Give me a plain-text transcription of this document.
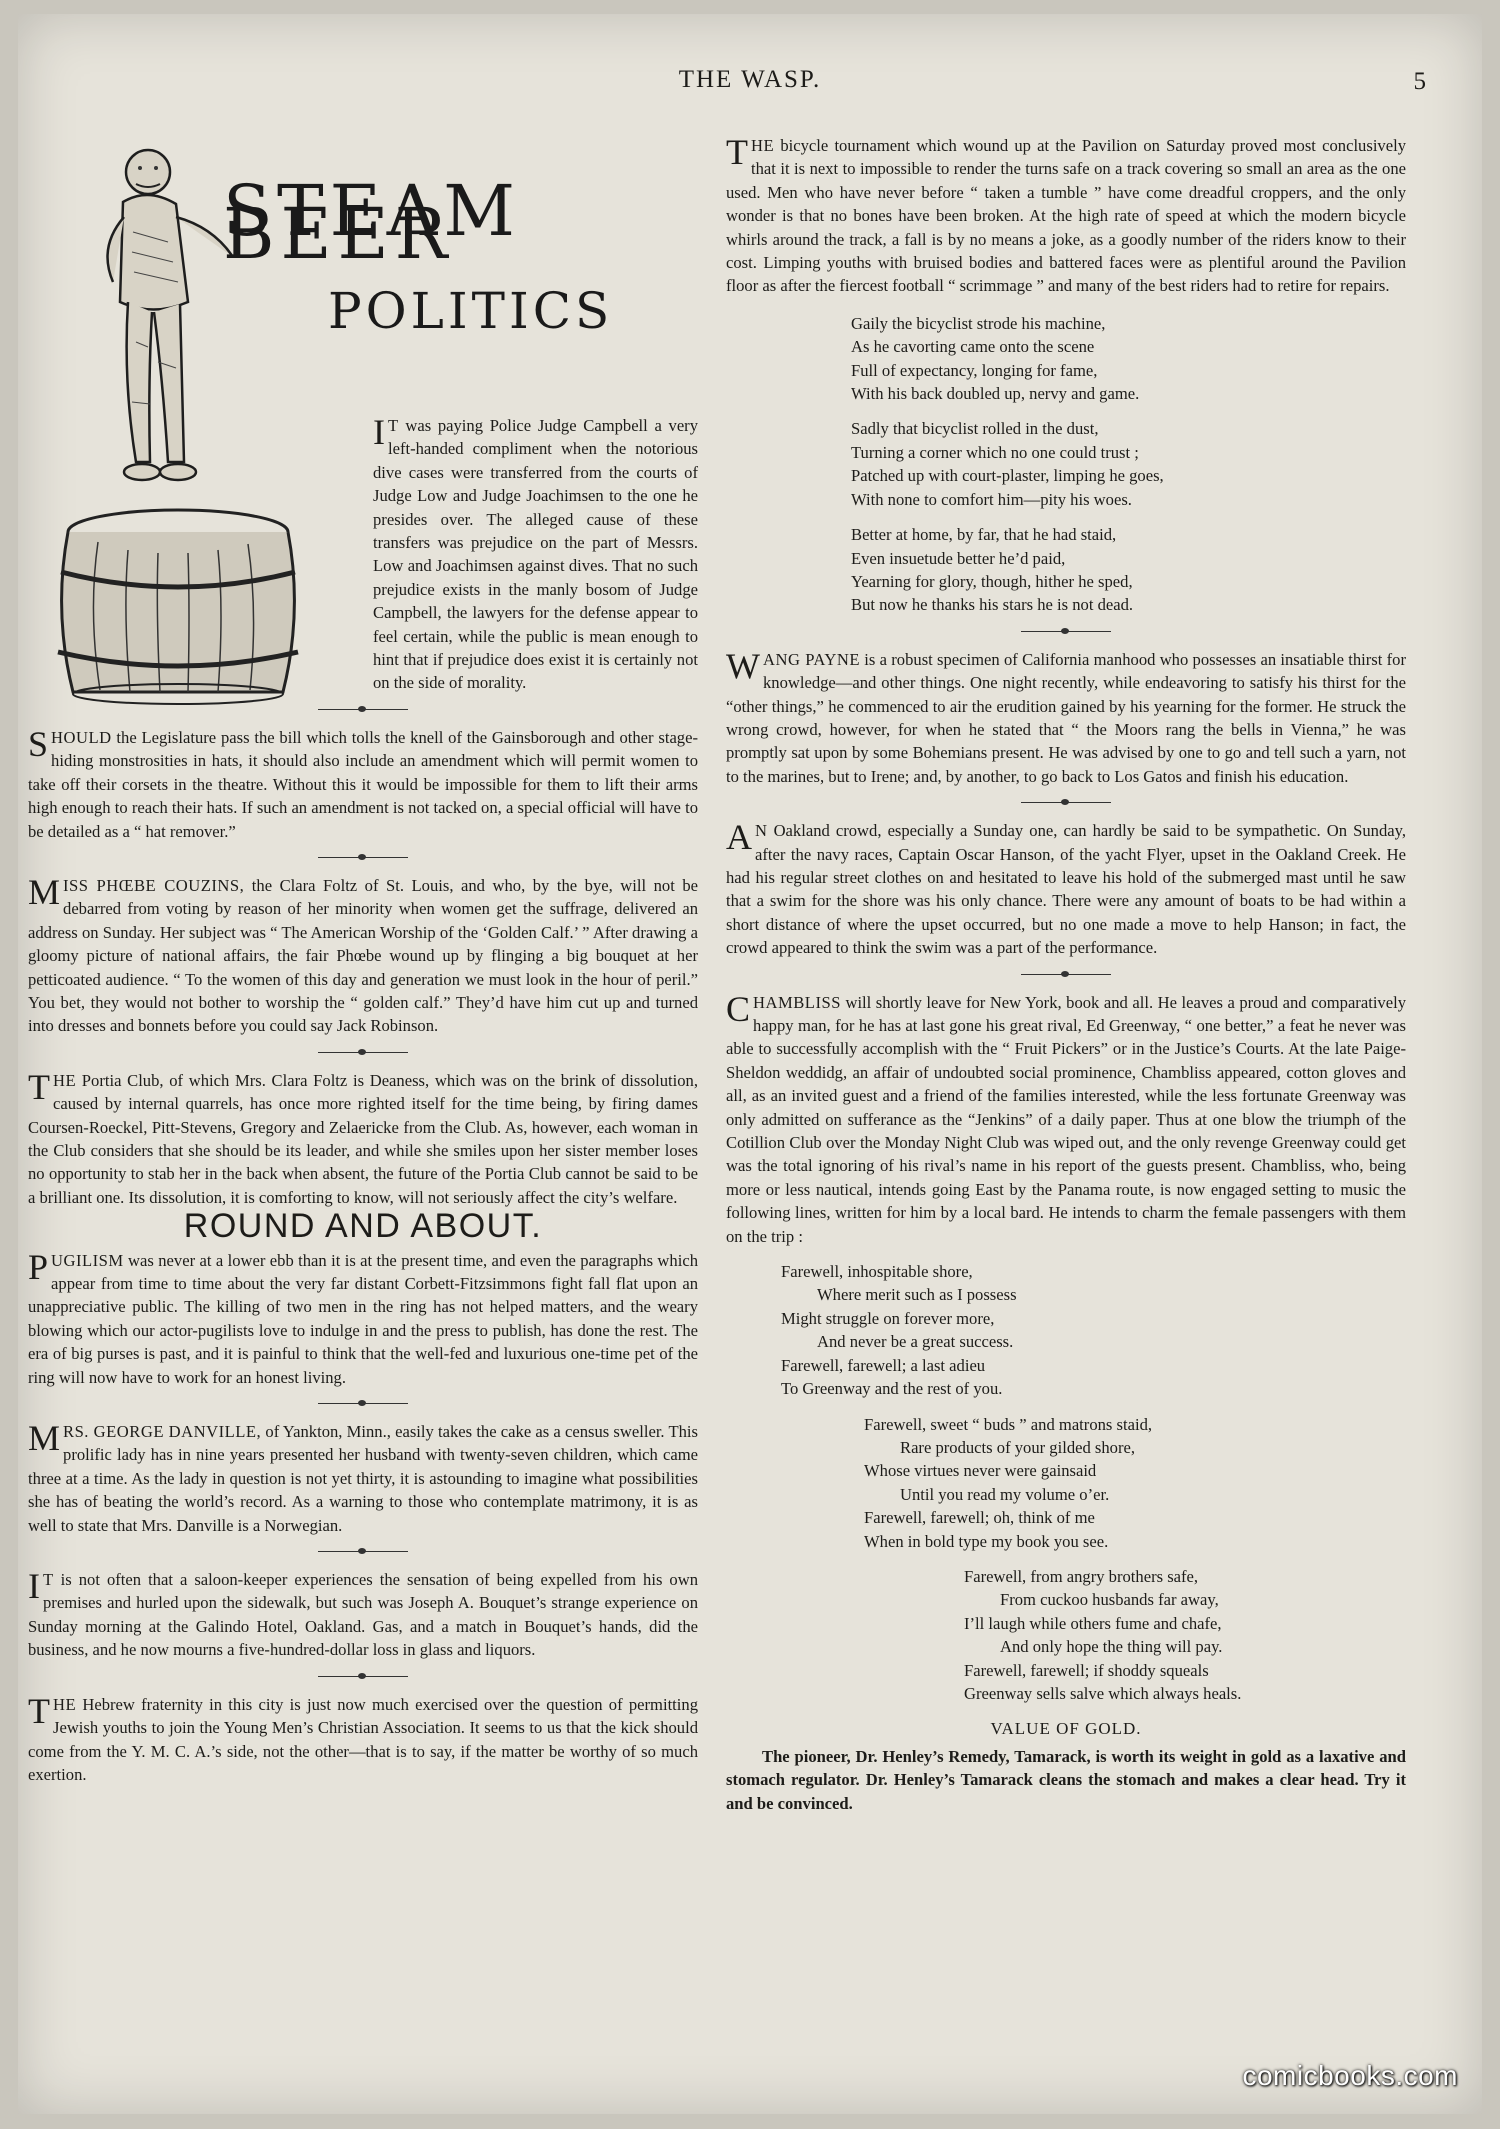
THE WASP.	5
STEAM BEER
POLITICS

I T was paying Police Judge Campbell a very left-handed compliment when the notorious dive cases were transferred from the courts of Judge Low and Judge Joachimsen to the one he presides over. The alleged cause of these transfers was prejudice on the part of Messrs. Low and Joachimsen against dives. That no such prejudice exists in the manly bosom of Judge Campbell, the lawyers for the defense appear to feel certain, while the public is mean enough to hint that if prejudice does exist it is certainly not on the side of morality.

SHOULD the Legislature pass the bill which tolls the knell of the Gainsborough and other stage-hiding monstrosities in hats, it should also include an amendment which will permit women to take off their corsets in the theatre. Without this it would be impossible for them to lift their arms high enough to reach their hats. If such an amendment is not tacked on, a special official will have to be detailed as a “ hat remover.”

MISS PHŒBE COUZINS, the Clara Foltz of St. Louis, and who, by the bye, will not be debarred from voting by reason of her minority when women get the suffrage, delivered an address on Sunday. Her subject was “ The American Worship of the ‘Golden Calf.’ ” After drawing a gloomy picture of national affairs, the fair Phœbe wound up by flinging a big bouquet at her petticoated audience. “ To the women of this day and generation we must look in the hour of peril.” You bet, they would not bother to worship the “ golden calf.” They’d have him cut up and turned into dresses and bonnets before you could say Jack Robinson.

THE Portia Club, of which Mrs. Clara Foltz is Deaness, which was on the brink of dissolution, caused by internal quarrels, has once more righted itself for the time being, by firing dames Coursen-Roeckel, Pitt-Stevens, Gregory and Zelaericke from the Club. As, however, each woman in the Club considers that she should be its leader, and while she smiles upon her sister member loses no opportunity to stab her in the back when absent, the future of the Portia Club cannot be said to be a brilliant one. Its dissolution, it is comforting to know, will not seriously affect the city’s welfare.

ROUND AND ABOUT.

PUGILISM was never at a lower ebb than it is at the present time, and even the paragraphs which appear from time to time about the very far distant Corbett-Fitzsimmons fight fall flat upon an unappreciative public. The killing of two men in the ring has not helped matters, and the weary blowing which our actor-pugilists love to indulge in and the press to publish, has done the rest. The era of big purses is past, and it is painful to think that the well-fed and luxurious one-time pet of the ring will now have to work for an honest living.

MRS. GEORGE DANVILLE, of Yankton, Minn., easily takes the cake as a census sweller. This prolific lady has in nine years presented her husband with twenty-seven children, which came three at a time. As the lady in question is not yet thirty, it is astounding to imagine what possibilities she has of beating the world’s record. As a warning to those who contemplate matrimony, it is as well to state that Mrs. Danville is a Norwegian.

I T is not often that a saloon-keeper experiences the sensation of being expelled from his own premises and hurled upon the sidewalk, but such was Joseph A. Bouquet’s strange experience on Sunday morning at the Galindo Hotel, Oakland. Gas, and a match in Bouquet’s hands, did the business, and he now mourns a five-hundred-dollar loss in glass and liquors.

THE Hebrew fraternity in this city is just now much exercised over the question of permitting Jewish youths to join the Young Men’s Christian Association. It seems to us that the kick should come from the Y. M. C. A.’s side, not the other—that is to say, if the matter be worthy of so much exertion.

THE bicycle tournament which wound up at the Pavilion on Saturday proved most conclusively that it is next to impossible to render the turns safe on a track covering so small an area as the one used. Men who have never before “ taken a tumble ” have come dreadful croppers, and the only wonder is that no bones have been broken. At the high rate of speed at which the modern bicycle whirls around the track, a fall is by no means a joke, as a goodly number of the riders know to their cost. Limping youths with bruised bodies and battered faces were as plentiful around the Pavilion floor as after the fiercest football “ scrimmage ” and many of the best riders had to retire for repairs.

Gaily the bicyclist strode his machine,
As he cavorting came onto the scene
Full of expectancy, longing for fame,
With his back doubled up, nervy and game.
Sadly that bicyclist rolled in the dust,
Turning a corner which no one could trust ;
Patched up with court-plaster, limping he goes,
With none to comfort him—pity his woes.
Better at home, by far, that he had staid,
Even insuetude better he’d paid,
Yearning for glory, though, hither he sped,
But now he thanks his stars he is not dead.

WANG PAYNE is a robust specimen of California manhood who possesses an insatiable thirst for knowledge—and other things. One night recently, while endeavoring to satisfy his thirst for the “other things,” he commenced to air the erudition gained by his yearning for the former. He struck the wrong crowd, however, for when he stated that “ the Moors rang the bells in Vienna,” he was promptly sat upon by some Bohemians present. He was advised by one to go and tell such a yarn, not to the marines, but to Irene; and, by another, to go back to Los Gatos and finish his education.

A N Oakland crowd, especially a Sunday one, can hardly be said to be sympathetic. On Sunday, after the navy races, Captain Oscar Hanson, of the yacht Flyer, upset in the Oakland Creek. He had his regular street clothes on and hesitated to leave his hold of the submerged mast until he saw that a swim for the shore was his only chance. There were any amount of boats to be had within a short distance of where the upset occurred, but no one made a move to help Hanson; in fact, the crowd appeared to think the swim was a part of the performance.

CHAMBLISS will shortly leave for New York, book and all. He leaves a proud and comparatively happy man, for he has at last gone his great rival, Ed Greenway, “ one better,” a feat he never was able to successfully accomplish with the “ Fruit Pickers” or in the Justice’s Courts. At the late Paige-Sheldon weddidg, an affair of undoubted social prominence, Chambliss appeared, cotton gloves and all, as an invited guest and a friend of the families interested, while the less fortunate Greenway was only admitted on sufferance as the “Jenkins” of a daily paper. Thus at one blow the triumph of the Cotillion Club over the Monday Night Club was wiped out, and the only revenge Greenway could get was the total ignoring of his rival’s name in his report of the guests present. Chambliss, who, being more or less nautical, intends going East by the Panama route, is now engaged setting to music the following lines, written for him by a local bard. He intends to charm the female passengers with them on the trip :

Farewell, inhospitable shore,
Where merit such as I possess
Might struggle on forever more,
And never be a great success.
Farewell, farewell; a last adieu
To Greenway and the rest of you.
Farewell, sweet “ buds ” and matrons staid,
Rare products of your gilded shore,
Whose virtues never were gainsaid
Until you read my volume o’er.
Farewell, farewell; oh, think of me
When in bold type my book you see.
Farewell, from angry brothers safe,
From cuckoo husbands far away,
I’ll laugh while others fume and chafe,
And only hope the thing will pay.
Farewell, farewell; if shoddy squeals
Greenway sells salve which always heals.
VALUE OF GOLD.

The pioneer, Dr. Henley’s Remedy, Tamarack, is worth its weight in gold as a laxative and stomach regulator. Dr. Henley’s Tamarack cleans the stomach and makes a clear head. Try it and be convinced.

comicbooks.com
